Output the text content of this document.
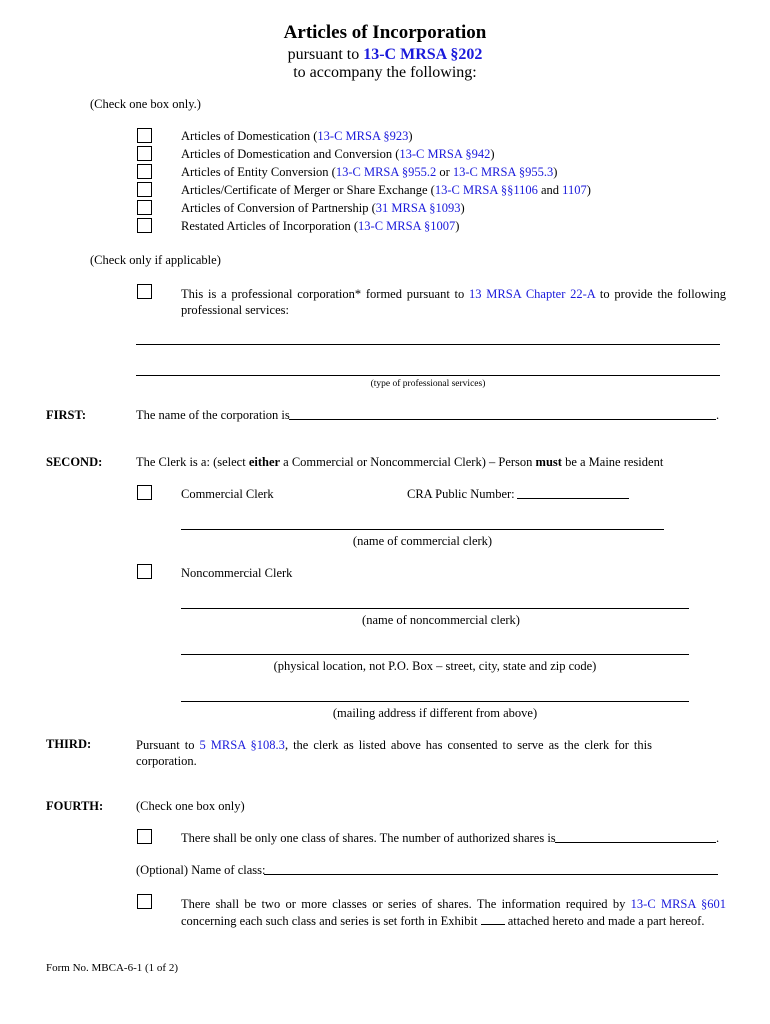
Articles of Incorporation
pursuant to 13-C MRSA §202
to accompany the following:
(Check one box only.)
Articles of Domestication (13-C MRSA §923)
Articles of Domestication and Conversion (13-C MRSA §942)
Articles of Entity Conversion (13-C MRSA §955.2 or 13-C MRSA §955.3)
Articles/Certificate of Merger or Share Exchange (13-C MRSA §§1106 and 1107)
Articles of Conversion of Partnership (31 MRSA §1093)
Restated Articles of Incorporation (13-C MRSA §1007)
(Check only if applicable)
This is a professional corporation* formed pursuant to 13 MRSA Chapter 22-A to provide the following professional services:
(type of professional services)
FIRST:	The name of the corporation is	.
SECOND:	The Clerk is a: (select either a Commercial or Noncommercial Clerk) – Person must be a Maine resident
Commercial Clerk	CRA Public Number:
(name of commercial clerk)
Noncommercial Clerk
(name of noncommercial clerk)
(physical location, not P.O. Box – street, city, state and zip code)
(mailing address if different from above)
THIRD:	Pursuant to 5 MRSA §108.3, the clerk as listed above has consented to serve as the clerk for this corporation.
FOURTH:	(Check one box only)
There shall be only one class of shares. The number of authorized shares is	.
(Optional) Name of class:
There shall be two or more classes or series of shares. The information required by 13-C MRSA §601 concerning each such class and series is set forth in Exhibit  attached hereto and made a part hereof.
Form No. MBCA-6-1 (1 of 2)
